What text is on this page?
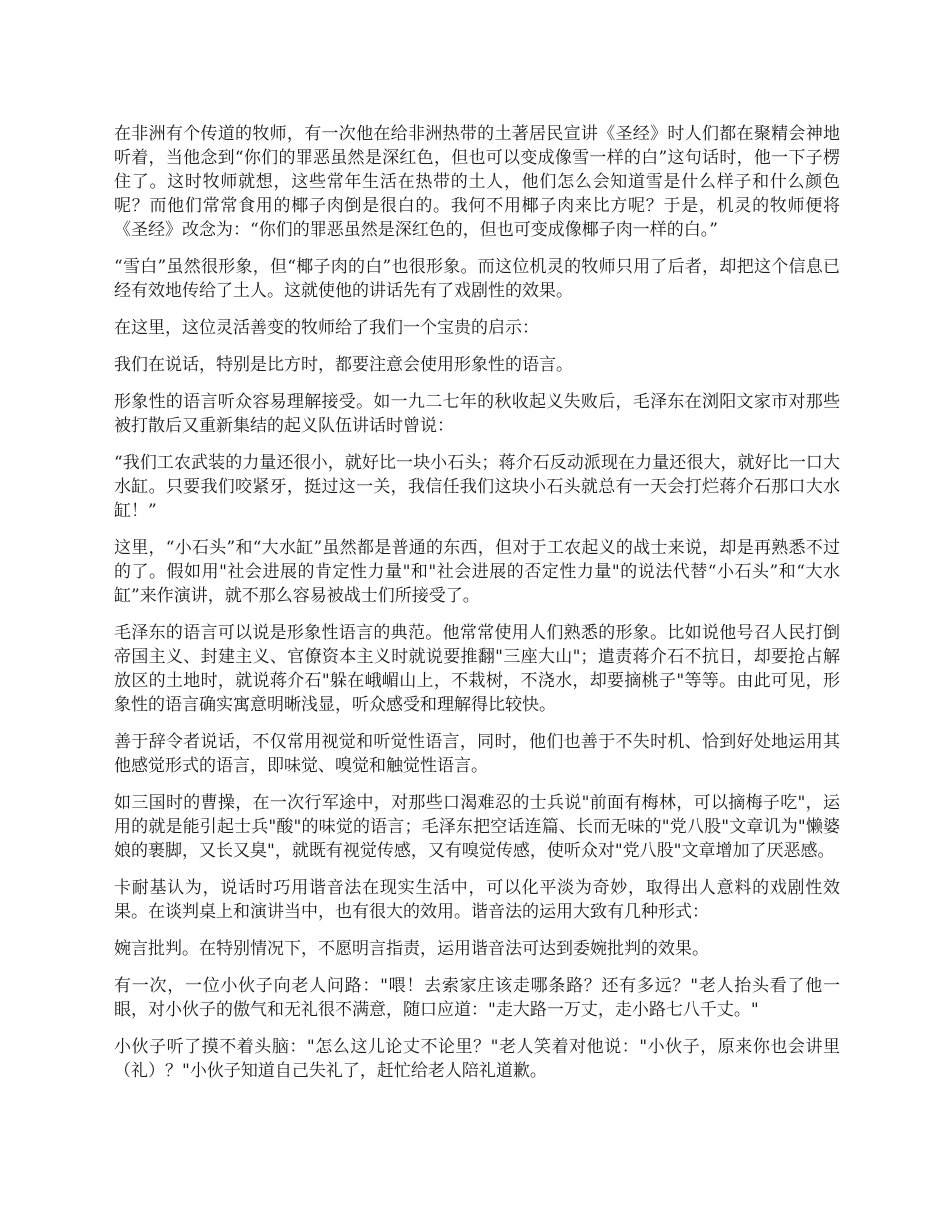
在非洲有个传道的牧师，有一次他在给非洲热带的土著居民宣讲《圣经》时人们都在聚精会神地听着，当他念到“你们的罪恶虽然是深红色，但也可以变成像雪一样的白”这句话时，他一下子楞住了。这时牧师就想，这些常年生活在热带的土人，他们怎么会知道雪是什么样子和什么颜色呢？而他们常常食用的椰子肉倒是很白的。我何不用椰子肉来比方呢？于是，机灵的牧师便将《圣经》改念为：“你们的罪恶虽然是深红色的，但也可变成像椰子肉一样的白。”

“雪白”虽然很形象，但“椰子肉的白”也很形象。而这位机灵的牧师只用了后者，却把这个信息已经有效地传给了土人。这就使他的讲话先有了戏剧性的效果。

在这里，这位灵活善变的牧师给了我们一个宝贵的启示：

我们在说话，特别是比方时，都要注意会使用形象性的语言。

形象性的语言听众容易理解接受。如一九二七年的秋收起义失败后，毛泽东在浏阳文家市对那些被打散后又重新集结的起义队伍讲话时曾说：

“我们工农武装的力量还很小，就好比一块小石头；蒋介石反动派现在力量还很大，就好比一口大水缸。只要我们咬紧牙，挺过这一关，我信任我们这块小石头就总有一天会打烂蒋介石那口大水缸！”

这里，“小石头”和“大水缸”虽然都是普通的东西，但对于工农起义的战士来说，却是再熟悉不过的了。假如用"社会进展的肯定性力量"和"社会进展的否定性力量"的说法代替“小石头”和“大水缸”来作演讲，就不那么容易被战士们所接受了。

毛泽东的语言可以说是形象性语言的典范。他常常使用人们熟悉的形象。比如说他号召人民打倒帝国主义、封建主义、官僚资本主义时就说要推翻"三座大山"；遣责蒋介石不抗日，却要抢占解放区的土地时，就说蒋介石"躲在峨嵋山上，不栽树，不浇水，却要摘桃子"等等。由此可见，形象性的语言确实寓意明晰浅显，听众感受和理解得比较快。

善于辞令者说话，不仅常用视觉和听觉性语言，同时，他们也善于不失时机、恰到好处地运用其他感觉形式的语言，即味觉、嗅觉和触觉性语言。

如三国时的曹操，在一次行军途中，对那些口渴难忍的士兵说"前面有梅林，可以摘梅子吃"，运用的就是能引起士兵"酸"的味觉的语言；毛泽东把空话连篇、长而无味的"党八股"文章讥为"懒婆娘的裹脚，又长又臭"，就既有视觉传感，又有嗅觉传感，使听众对"党八股"文章增加了厌恶感。

卡耐基认为，说话时巧用谐音法在现实生活中，可以化平淡为奇妙，取得出人意料的戏剧性效果。在谈判桌上和演讲当中，也有很大的效用。谐音法的运用大致有几种形式：

婉言批判。在特别情况下，不愿明言指责，运用谐音法可达到委婉批判的效果。

有一次，一位小伙子向老人问路："喂！去索家庄该走哪条路？还有多远？"老人抬头看了他一眼，对小伙子的傲气和无礼很不满意，随口应道："走大路一万丈，走小路七八千丈。"

小伙子听了摸不着头脑："怎么这儿论丈不论里？"老人笑着对他说："小伙子，原来你也会讲里（礼）？"小伙子知道自己失礼了，赶忙给老人陪礼道歉。
